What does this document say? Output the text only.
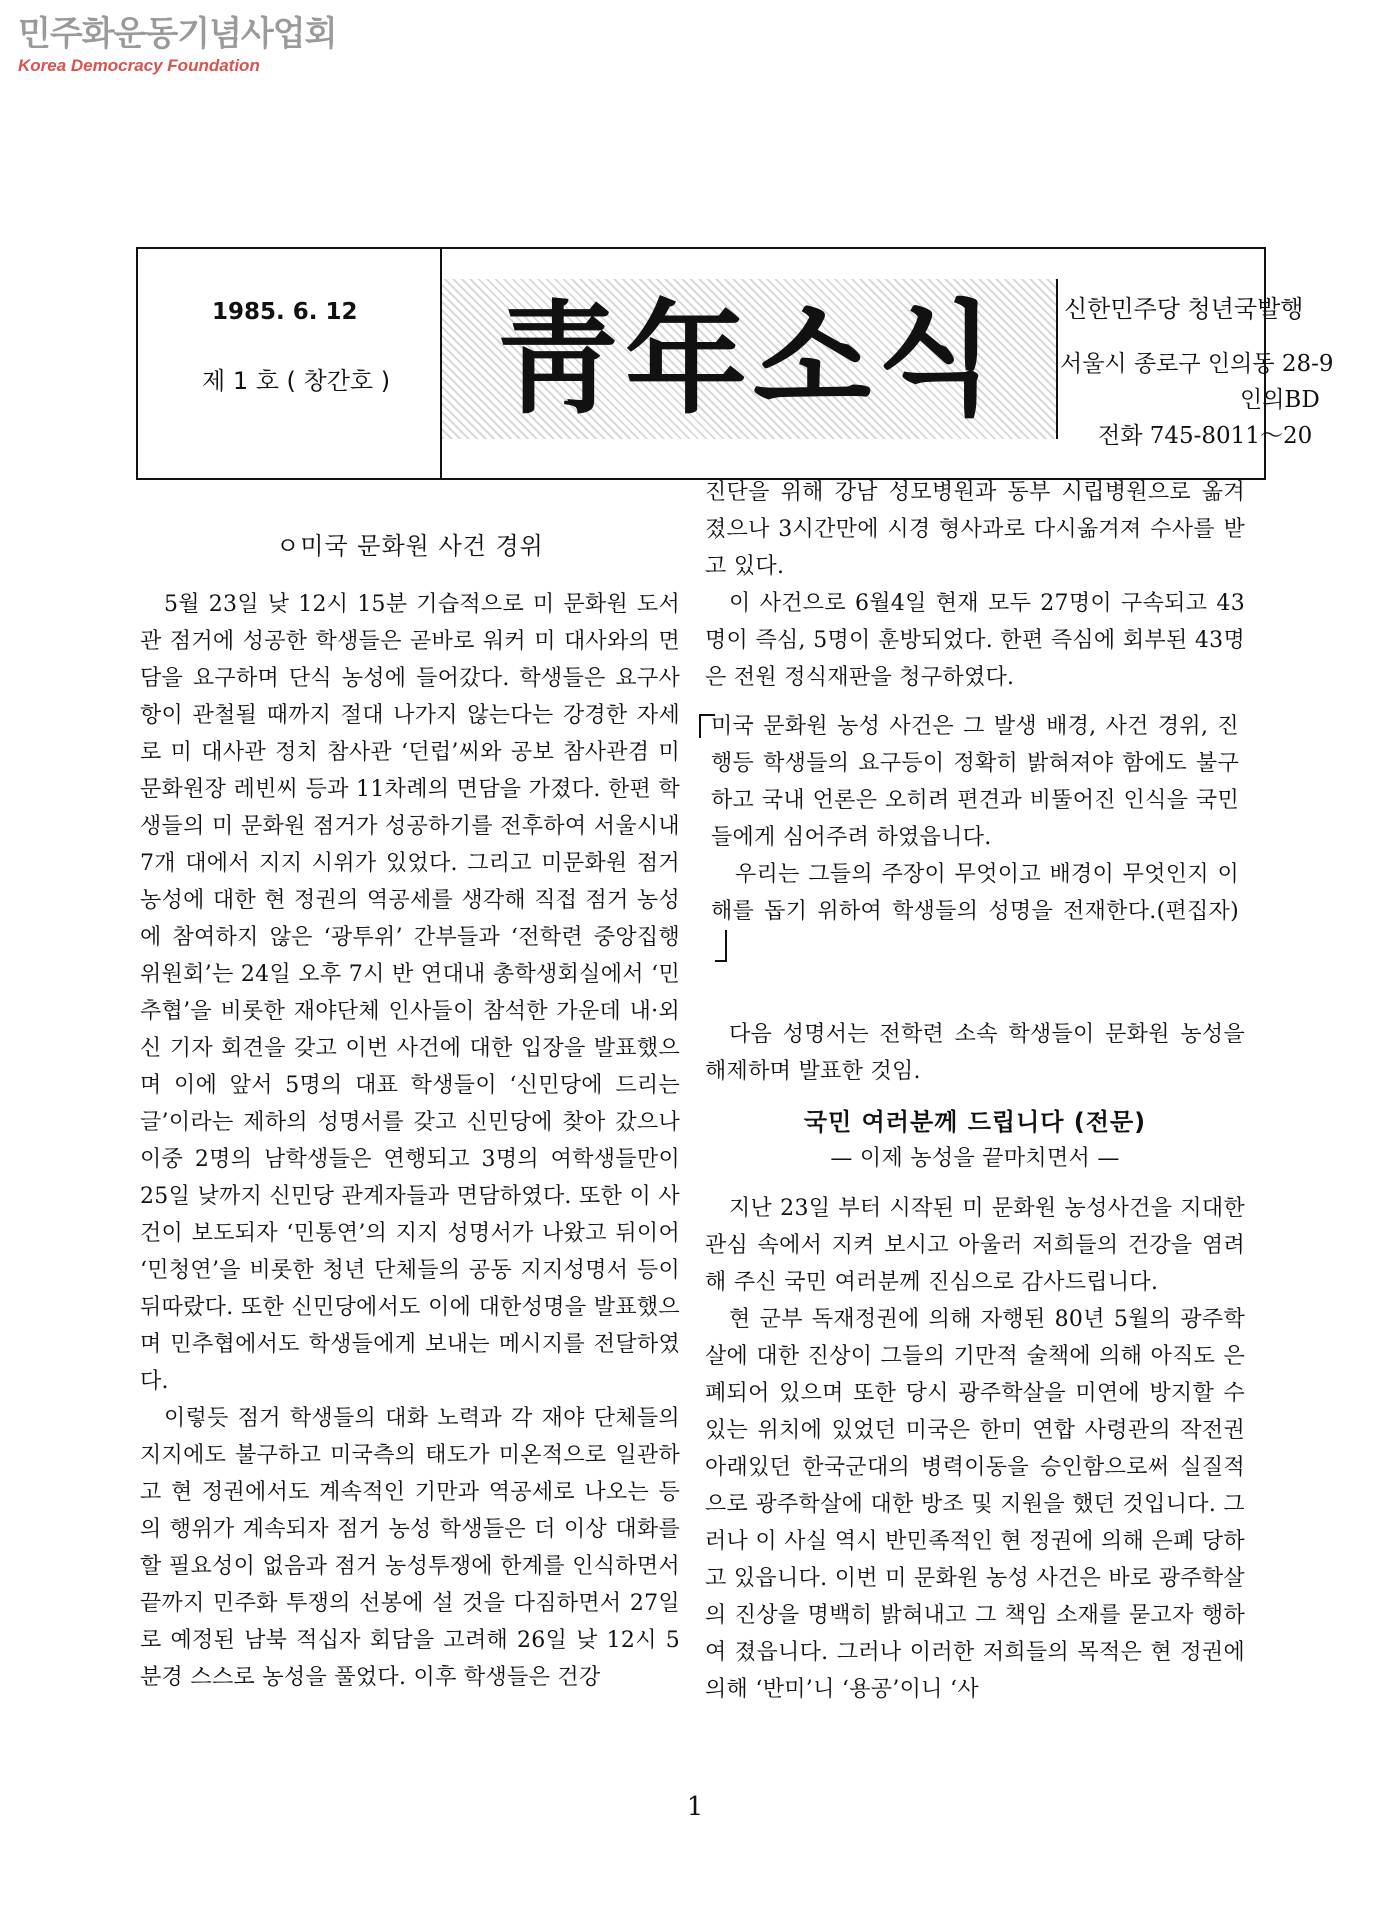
민주화운동기념사업회
Korea Democracy Foundation
1985. 6. 12
제 1 호 ( 창간호 ) 靑年소식	신한민주당 청년국발행
서울시 종로구 인의동 28-9
인의BD
전화 745-8011～20
ㅇ미국 문화원 사건 경위

5월 23일 낮 12시 15분 기습적으로 미 문화원 도서관 점거에 성공한 학생들은 곧바로 워커 미 대사와의 면담을 요구하며 단식 농성에 들어갔다. 학생들은 요구사항이 관철될 때까지 절대 나가지 않는다는 강경한 자세로 미 대사관 정치 참사관 ‘던럽’씨와 공보 참사관겸 미문화원장 레빈씨 등과 11차례의 면담을 가졌다. 한편 학생들의 미 문화원 점거가 성공하기를 전후하여 서울시내 7개 대에서 지지 시위가 있었다. 그리고 미문화원 점거 농성에 대한 현 정권의 역공세를 생각해 직접 점거 농성에 참여하지 않은 ‘광투위’ 간부들과 ‘전학련 중앙집행 위원회’는 24일 오후 7시 반 연대내 총학생회실에서 ‘민추협’을 비롯한 재야단체 인사들이 참석한 가운데 내·외신 기자 회견을 갖고 이번 사건에 대한 입장을 발표했으며 이에 앞서 5명의 대표 학생들이 ‘신민당에 드리는 글’이라는 제하의 성명서를 갖고 신민당에 찾아 갔으나 이중 2명의 남학생들은 연행되고 3명의 여학생들만이 25일 낮까지 신민당 관계자들과 면담하였다. 또한 이 사건이 보도되자 ‘민통연’의 지지 성명서가 나왔고 뒤이어 ‘민청연’을 비롯한 청년 단체들의 공동 지지성명서 등이 뒤따랐다. 또한 신민당에서도 이에 대한성명을 발표했으며 민추협에서도 학생들에게 보내는 메시지를 전달하였다.

이렇듯 점거 학생들의 대화 노력과 각 재야 단체들의 지지에도 불구하고 미국측의 태도가 미온적으로 일관하고 현 정권에서도 계속적인 기만과 역공세로 나오는 등의 행위가 계속되자 점거 농성 학생들은 더 이상 대화를 할 필요성이 없음과 점거 농성투쟁에 한계를 인식하면서 끝까지 민주화 투쟁의 선봉에 설 것을 다짐하면서 27일로 예정된 남북 적십자 회담을 고려해 26일 낮 12시 5분경 스스로 농성을 풀었다. 이후 학생들은 건강

진단을 위해 강남 성모병원과 동부 시립병원으로 옮겨 졌으나 3시간만에 시경 형사과로 다시옮겨져 수사를 받고 있다.

이 사건으로 6월4일 현재 모두 27명이 구속되고 43명이 즉심, 5명이 훈방되었다. 한편 즉심에 회부된 43명은 전원 정식재판을 청구하였다.

미국 문화원 농성 사건은 그 발생 배경, 사건 경위, 진행등 학생들의 요구등이 정확히 밝혀져야 함에도 불구하고 국내 언론은 오히려 편견과 비뚤어진 인식을 국민들에게 심어주려 하였읍니다.

우리는 그들의 주장이 무엇이고 배경이 무엇인지 이해를 돕기 위하여 학생들의 성명을 전재한다.(편집자)

다음 성명서는 전학련 소속 학생들이 문화원 농성을 해제하며 발표한 것임.

국민 여러분께 드립니다 (전문)
— 이제 농성을 끝마치면서 —

지난 23일 부터 시작된 미 문화원 농성사건을 지대한 관심 속에서 지켜 보시고 아울러 저희들의 건강을 염려해 주신 국민 여러분께 진심으로 감사드립니다.

현 군부 독재정권에 의해 자행된 80년 5월의 광주학살에 대한 진상이 그들의 기만적 술책에 의해 아직도 은폐되어 있으며 또한 당시 광주학살을 미연에 방지할 수 있는 위치에 있었던 미국은 한미 연합 사령관의 작전권 아래있던 한국군대의 병력이동을 승인함으로써 실질적으로 광주학살에 대한 방조 및 지원을 했던 것입니다. 그러나 이 사실 역시 반민족적인 현 정권에 의해 은폐 당하고 있읍니다. 이번 미 문화원 농성 사건은 바로 광주학살의 진상을 명백히 밝혀내고 그 책임 소재를 묻고자 행하여 졌읍니다. 그러나 이러한 저희들의 목적은 현 정권에 의해 ‘반미’니 ‘용공’이니 ‘사

1
